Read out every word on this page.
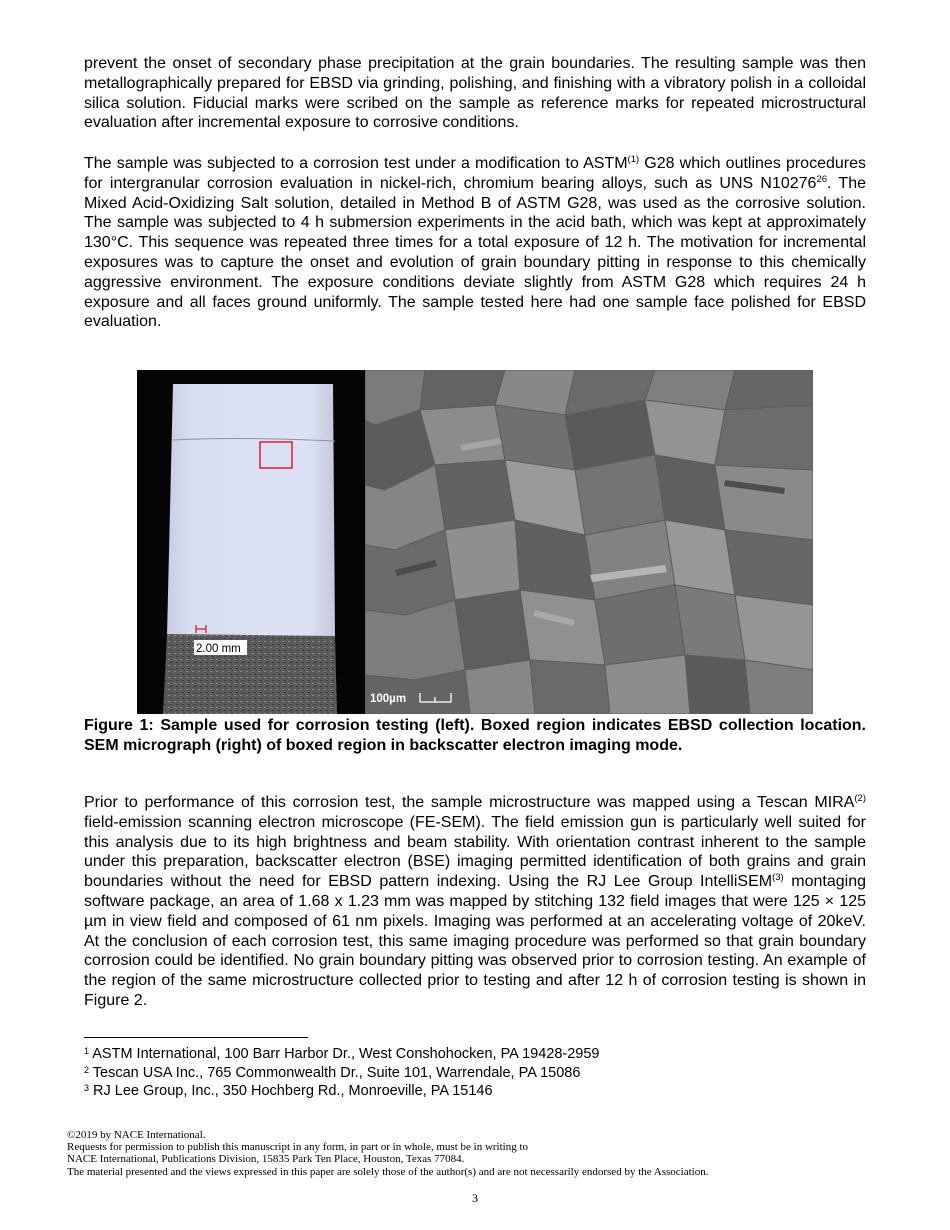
prevent the onset of secondary phase precipitation at the grain boundaries. The resulting sample was then metallographically prepared for EBSD via grinding, polishing, and finishing with a vibratory polish in a colloidal silica solution. Fiducial marks were scribed on the sample as reference marks for repeated microstructural evaluation after incremental exposure to corrosive conditions.

The sample was subjected to a corrosion test under a modification to ASTM$^{(1)}$ G28 which outlines procedures for intergranular corrosion evaluation in nickel-rich, chromium bearing alloys, such as UNS N10276$^{26}$. The Mixed Acid-Oxidizing Salt solution, detailed in Method B of ASTM G28, was used as the corrosive solution. The sample was subjected to 4 h submersion experiments in the acid bath, which was kept at approximately 130°C. This sequence was repeated three times for a total exposure of 12 h. The motivation for incremental exposures was to capture the onset and evolution of grain boundary pitting in response to this chemically aggressive environment. The exposure conditions deviate slightly from ASTM G28 which requires 24 h exposure and all faces ground uniformly. The sample tested here had one sample face polished for EBSD evaluation.

2.00 mm
100µm

Figure 1: Sample used for corrosion testing (left). Boxed region indicates EBSD collection location. SEM micrograph (right) of boxed region in backscatter electron imaging mode.

Prior to performance of this corrosion test, the sample microstructure was mapped using a Tescan MIRA$^{(2)}$ field-emission scanning electron microscope (FE-SEM). The field emission gun is particularly well suited for this analysis due to its high brightness and beam stability. With orientation contrast inherent to the sample under this preparation, backscatter electron (BSE) imaging permitted identification of both grains and grain boundaries without the need for EBSD pattern indexing. Using the RJ Lee Group IntelliSEM$^{(3)}$ montaging software package, an area of 1.68 x 1.23 mm was mapped by stitching 132 field images that were 125 × 125 µm in view field and composed of 61 nm pixels. Imaging was performed at an accelerating voltage of 20keV. At the conclusion of each corrosion test, this same imaging procedure was performed so that grain boundary corrosion could be identified. No grain boundary pitting was observed prior to corrosion testing. An example of the region of the same microstructure collected prior to testing and after 12 h of corrosion testing is shown in Figure 2.

$^1$ ASTM International, 100 Barr Harbor Dr., West Conshohocken, PA 19428-2959
$^2$ Tescan USA Inc., 765 Commonwealth Dr., Suite 101, Warrendale, PA 15086
$^3$ RJ Lee Group, Inc., 350 Hochberg Rd., Monroeville, PA 15146
©2019 by NACE International.
Requests for permission to publish this manuscript in any form, in part or in whole, must be in writing to
NACE International, Publications Division, 15835 Park Ten Place, Houston, Texas 77084.
The material presented and the views expressed in this paper are solely those of the author(s) and are not necessarily endorsed by the Association.
3
